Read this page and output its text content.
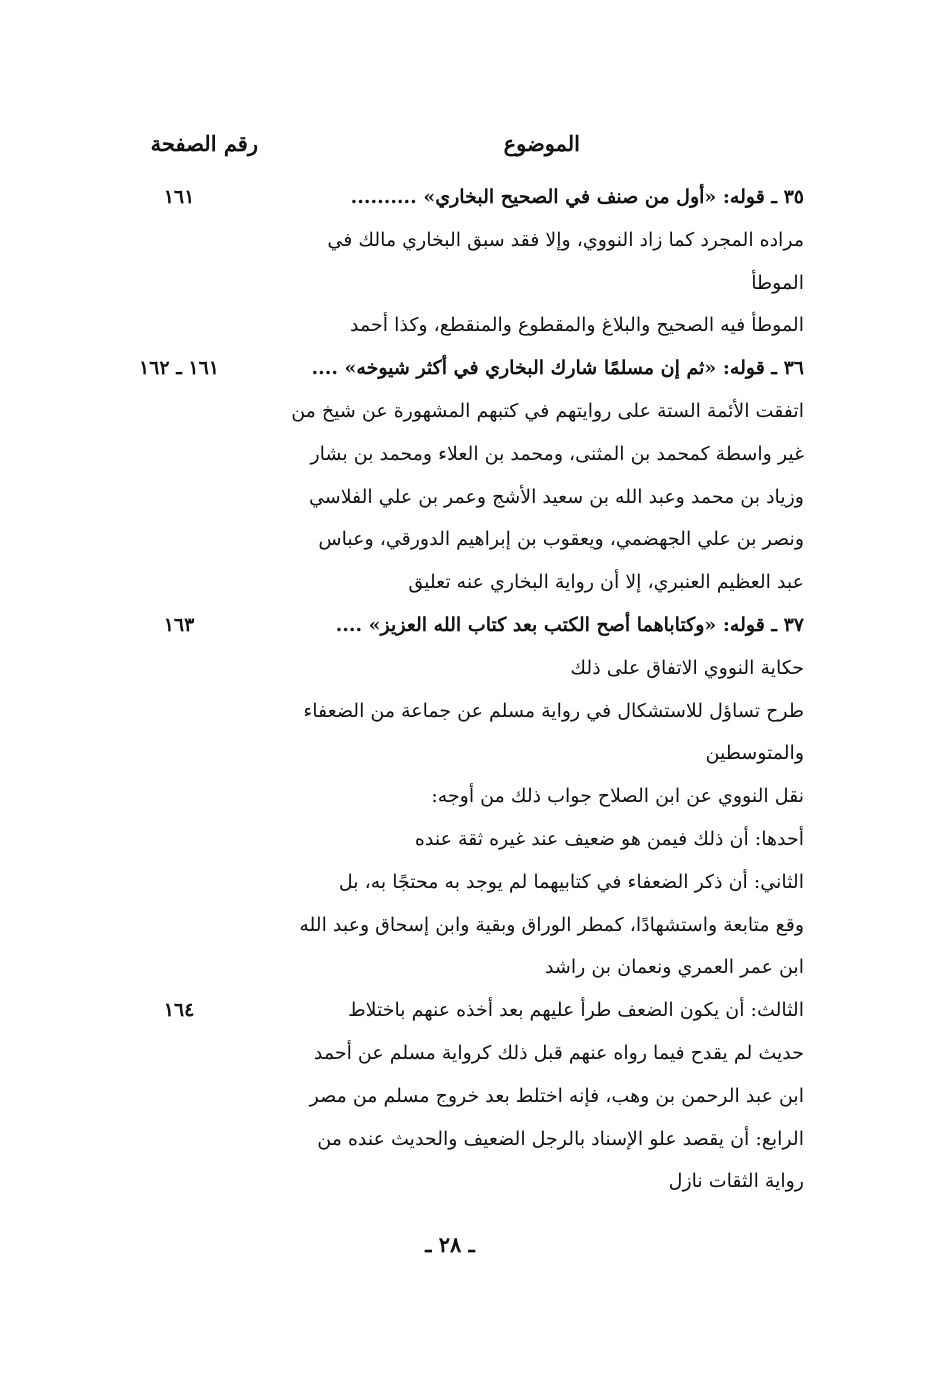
الموضوع
رقم الصفحة
٣٥ ـ قوله: «أول من صنف في الصحيح البخاري» ..........
١٦١
مراده المجرد كما زاد النووي، وإلا فقد سبق البخاري مالك في
الموطأ
الموطأ فيه الصحيح والبلاغ والمقطوع والمنقطع، وكذا أحمد
٣٦ ـ قوله: «ثم إن مسلمًا شارك البخاري في أكثر شيوخه» ....
١٦١ ـ ١٦٢
اتفقت الأئمة الستة على روايتهم في كتبهم المشهورة عن شيخ من
غير واسطة كمحمد بن المثنى، ومحمد بن العلاء ومحمد بن بشار
وزياد بن محمد وعبد الله بن سعيد الأشج وعمر بن علي الفلاسي
ونصر بن علي الجهضمي، ويعقوب بن إبراهيم الدورقي، وعباس
عبد العظيم العنبري، إلا أن رواية البخاري عنه تعليق
٣٧ ـ قوله: «وكتاباهما أصح الكتب بعد كتاب الله العزيز» ....
١٦٣
حكاية النووي الاتفاق على ذلك
طرح تساؤل للاستشكال في رواية مسلم عن جماعة من الضعفاء
والمتوسطين
نقل النووي عن ابن الصلاح جواب ذلك من أوجه:
أحدها: أن ذلك فيمن هو ضعيف عند غيره ثقة عنده
الثاني: أن ذكر الضعفاء في كتابيهما لم يوجد به محتجًا به، بل
وقع متابعة واستشهادًا، كمطر الوراق وبقية وابن إسحاق وعبد الله
ابن عمر العمري ونعمان بن راشد
الثالث: أن يكون الضعف طرأ عليهم بعد أخذه عنهم باختلاط
١٦٤
حديث لم يقدح فيما رواه عنهم قبل ذلك كرواية مسلم عن أحمد
ابن عبد الرحمن بن وهب، فإنه اختلط بعد خروج مسلم من مصر
الرابع: أن يقصد علو الإسناد بالرجل الضعيف والحديث عنده من
رواية الثقات نازل
ـ ٢٨ ـ
